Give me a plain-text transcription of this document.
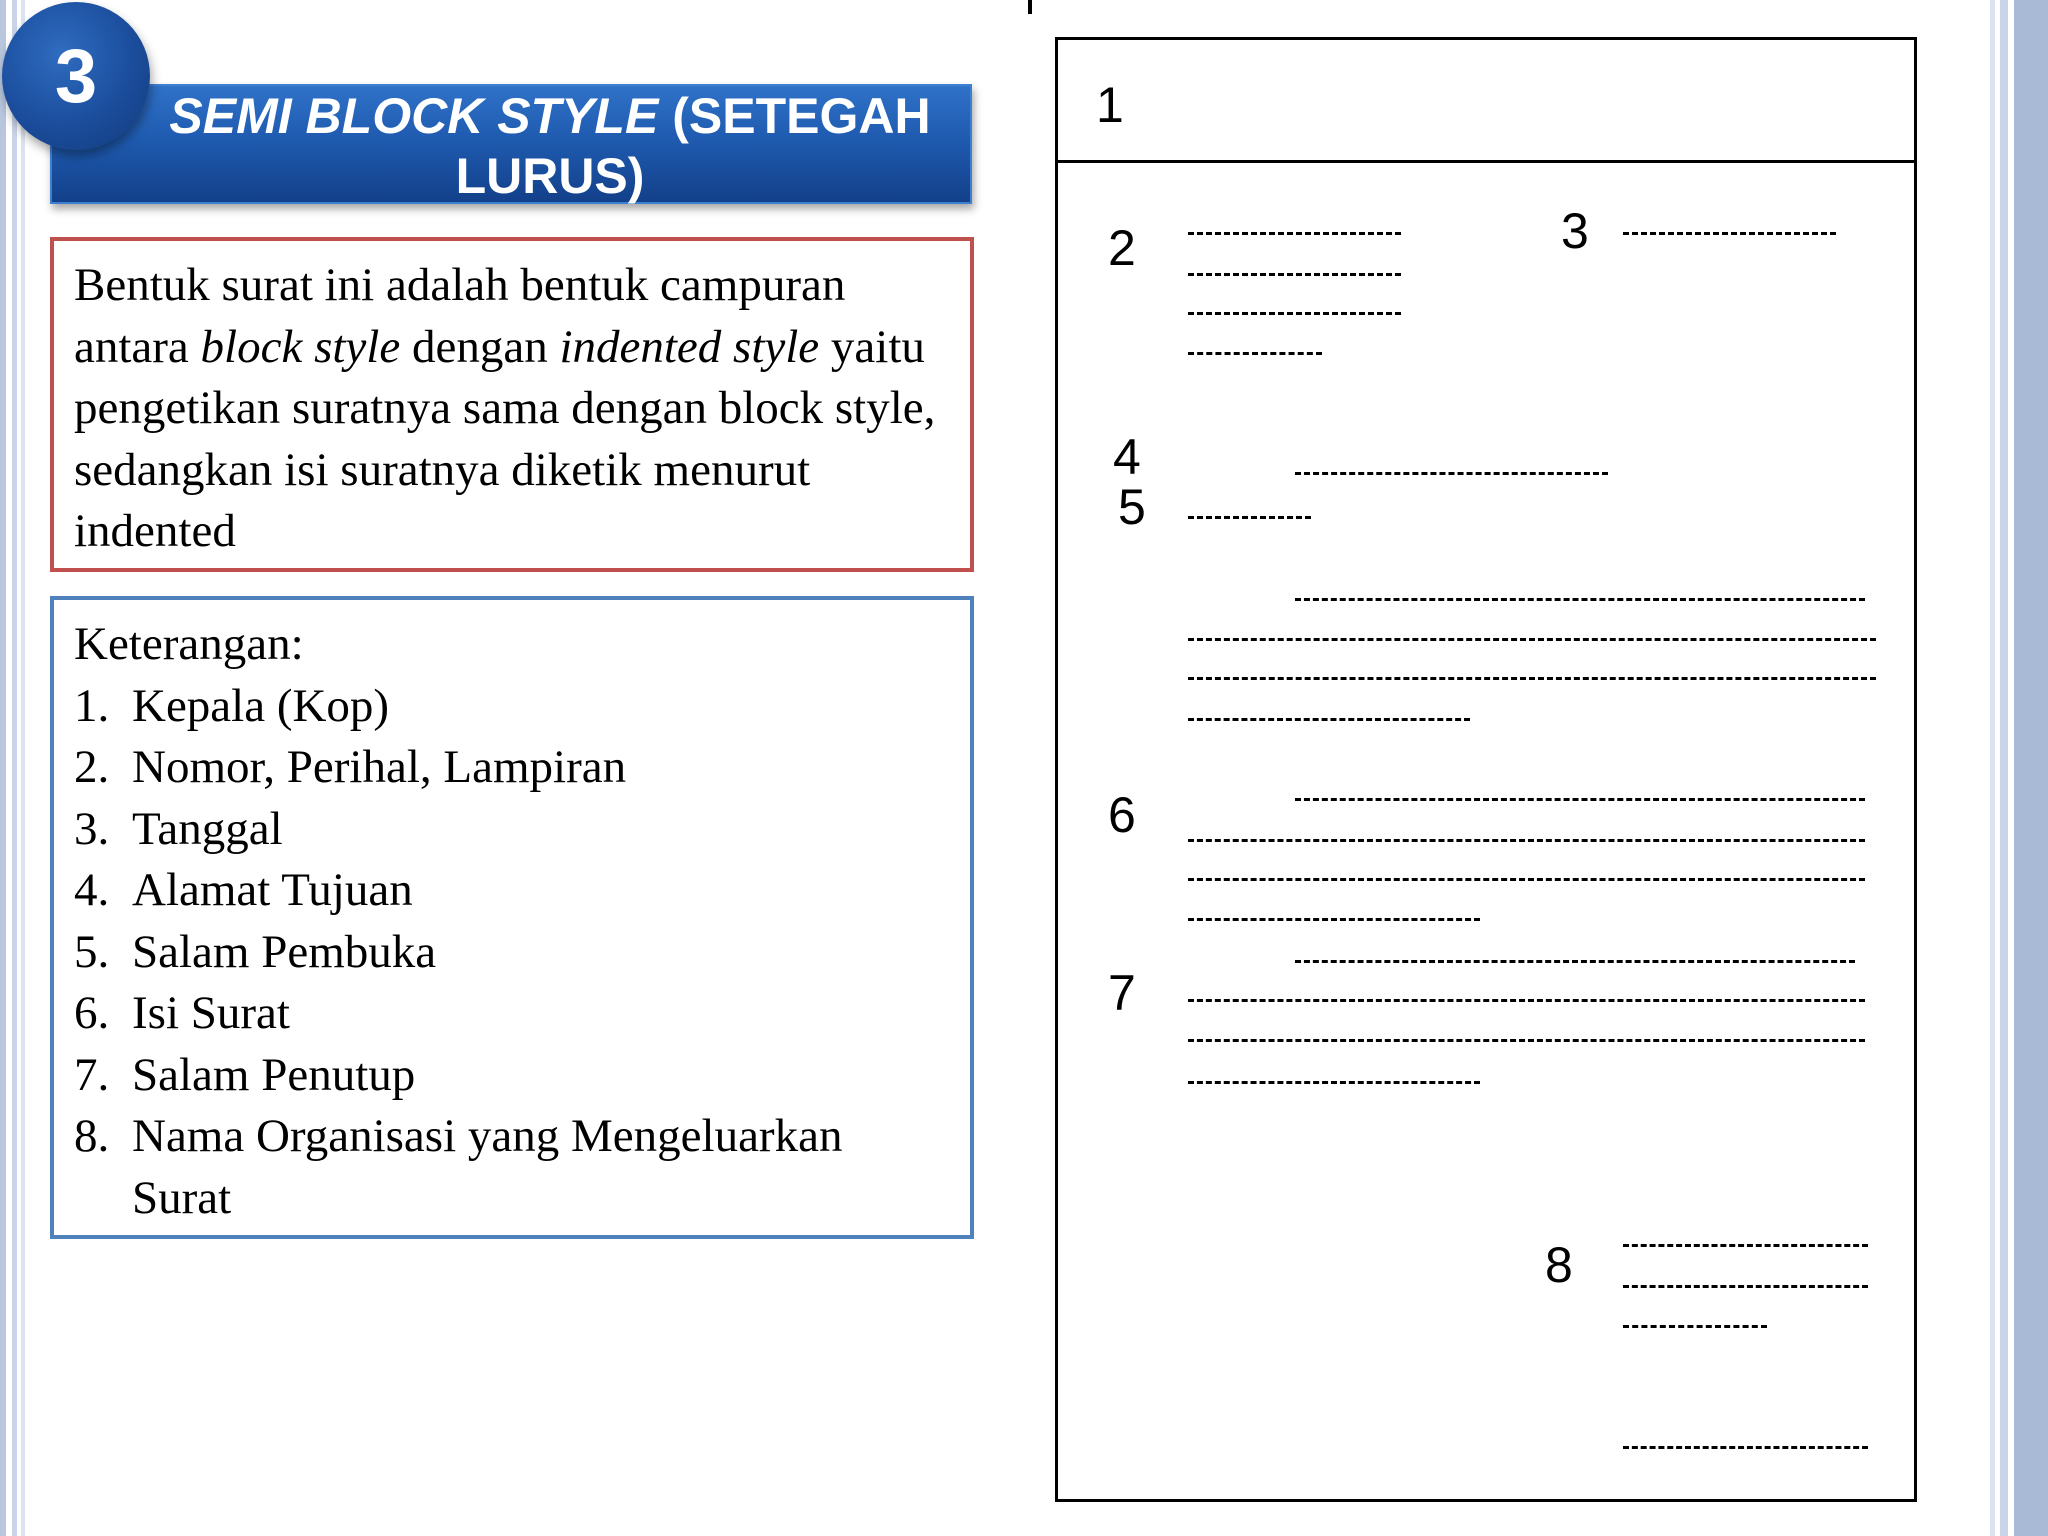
3	SEMI BLOCK STYLE (SETEGAH LURUS)
Bentuk surat ini adalah bentuk campuran antara block style dengan indented style yaitu pengetikan suratnya sama dengan block style, sedangkan isi suratnya diketik menurut indented
Keterangan:
1. Kepala (Kop)
2. Nomor, Perihal, Lampiran
3. Tanggal
4. Alamat Tujuan
5. Salam Pembuka
6. Isi Surat
7. Salam Penutup
8. Nama Organisasi yang Mengeluarkan Surat
1
2	3
4
5
6
7
8
